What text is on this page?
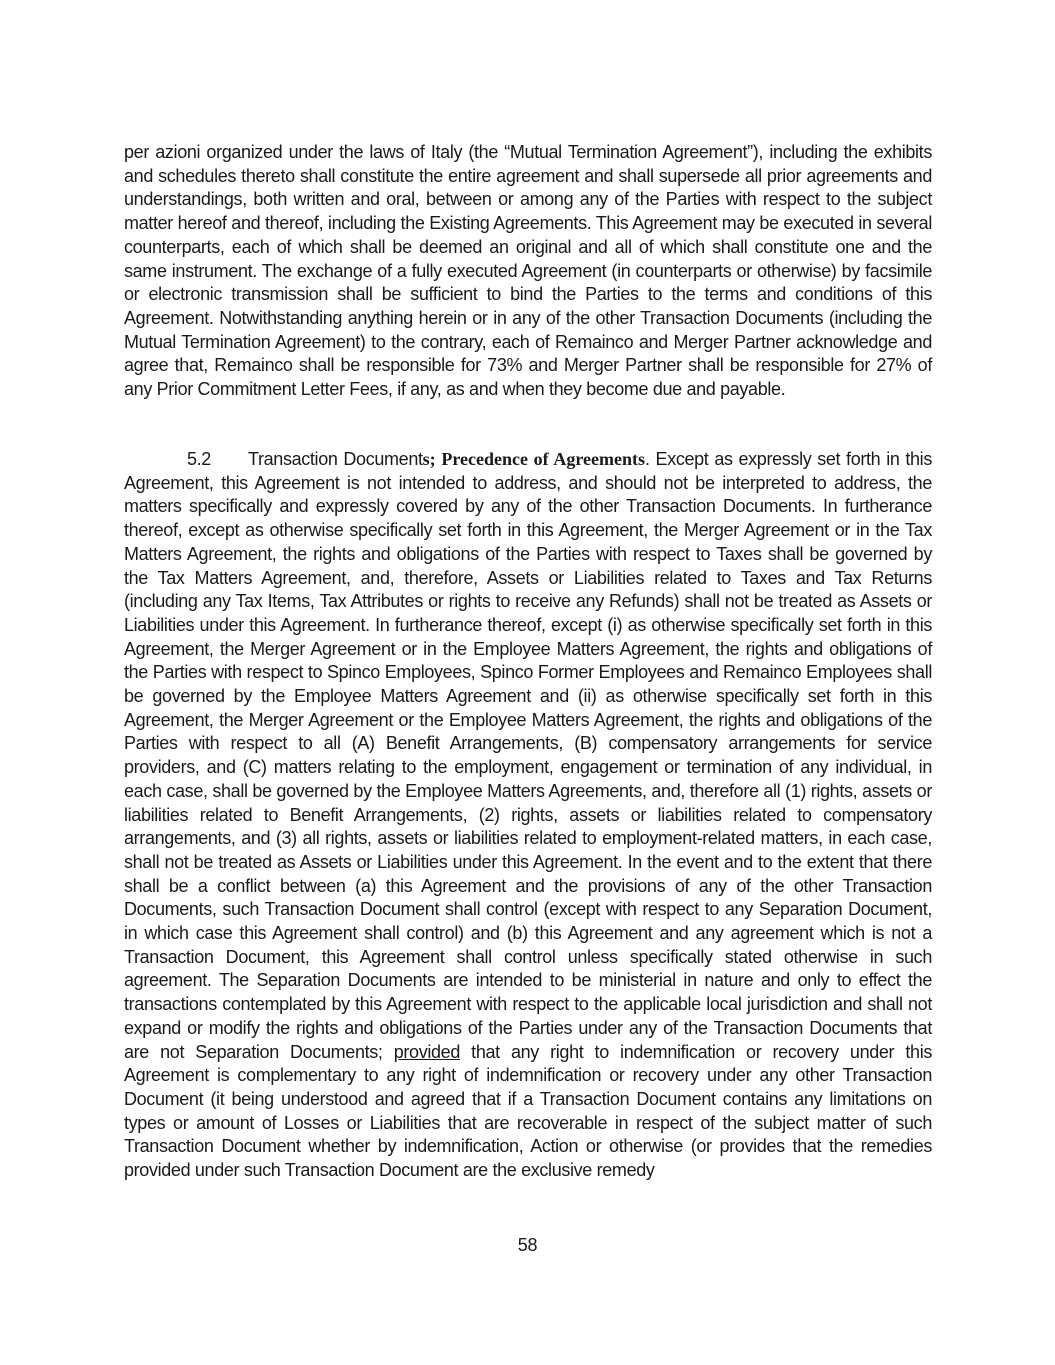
per azioni organized under the laws of Italy (the “Mutual Termination Agreement”), including the exhibits and schedules thereto shall constitute the entire agreement and shall supersede all prior agreements and understandings, both written and oral, between or among any of the Parties with respect to the subject matter hereof and thereof, including the Existing Agreements. This Agreement may be executed in several counterparts, each of which shall be deemed an original and all of which shall constitute one and the same instrument. The exchange of a fully executed Agreement (in counterparts or otherwise) by facsimile or electronic transmission shall be sufficient to bind the Parties to the terms and conditions of this Agreement. Notwithstanding anything herein or in any of the other Transaction Documents (including the Mutual Termination Agreement) to the contrary, each of Remainco and Merger Partner acknowledge and agree that, Remainco shall be responsible for 73% and Merger Partner shall be responsible for 27% of any Prior Commitment Letter Fees, if any, as and when they become due and payable.

5.2 Transaction Documents; Precedence of Agreements. Except as expressly set forth in this Agreement, this Agreement is not intended to address, and should not be interpreted to address, the matters specifically and expressly covered by any of the other Transaction Documents. In furtherance thereof, except as otherwise specifically set forth in this Agreement, the Merger Agreement or in the Tax Matters Agreement, the rights and obligations of the Parties with respect to Taxes shall be governed by the Tax Matters Agreement, and, therefore, Assets or Liabilities related to Taxes and Tax Returns (including any Tax Items, Tax Attributes or rights to receive any Refunds) shall not be treated as Assets or Liabilities under this Agreement. In furtherance thereof, except (i) as otherwise specifically set forth in this Agreement, the Merger Agreement or in the Employee Matters Agreement, the rights and obligations of the Parties with respect to Spinco Employees, Spinco Former Employees and Remainco Employees shall be governed by the Employee Matters Agreement and (ii) as otherwise specifically set forth in this Agreement, the Merger Agreement or the Employee Matters Agreement, the rights and obligations of the Parties with respect to all (A) Benefit Arrangements, (B) compensatory arrangements for service providers, and (C) matters relating to the employment, engagement or termination of any individual, in each case, shall be governed by the Employee Matters Agreements, and, therefore all (1) rights, assets or liabilities related to Benefit Arrangements, (2) rights, assets or liabilities related to compensatory arrangements, and (3) all rights, assets or liabilities related to employment-related matters, in each case, shall not be treated as Assets or Liabilities under this Agreement. In the event and to the extent that there shall be a conflict between (a) this Agreement and the provisions of any of the other Transaction Documents, such Transaction Document shall control (except with respect to any Separation Document, in which case this Agreement shall control) and (b) this Agreement and any agreement which is not a Transaction Document, this Agreement shall control unless specifically stated otherwise in such agreement. The Separation Documents are intended to be ministerial in nature and only to effect the transactions contemplated by this Agreement with respect to the applicable local jurisdiction and shall not expand or modify the rights and obligations of the Parties under any of the Transaction Documents that are not Separation Documents; provided that any right to indemnification or recovery under this Agreement is complementary to any right of indemnification or recovery under any other Transaction Document (it being understood and agreed that if a Transaction Document contains any limitations on types or amount of Losses or Liabilities that are recoverable in respect of the subject matter of such Transaction Document whether by indemnification, Action or otherwise (or provides that the remedies provided under such Transaction Document are the exclusive remedy

58
